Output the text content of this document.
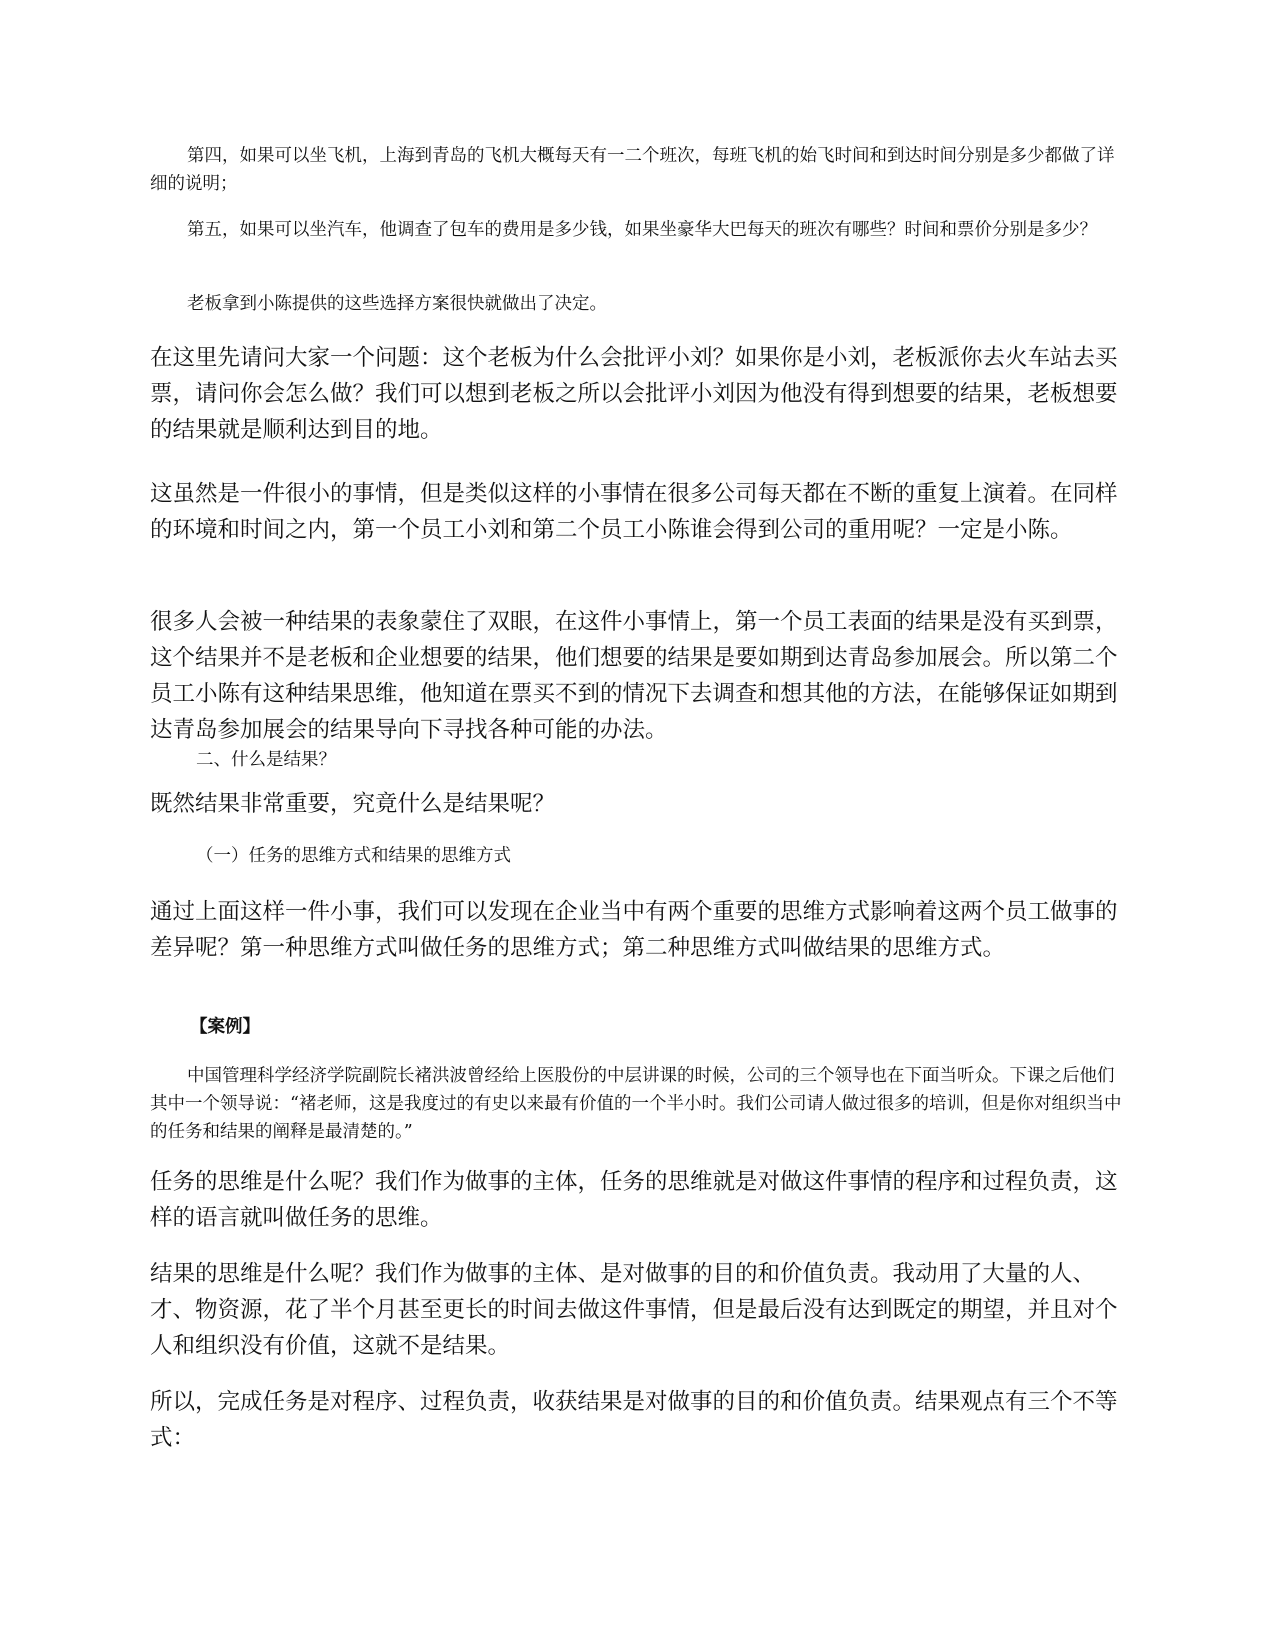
第四，如果可以坐飞机，上海到青岛的飞机大概每天有一二个班次，每班飞机的始飞时间和到达时间分别是多少都做了详细的说明；

第五，如果可以坐汽车，他调查了包车的费用是多少钱，如果坐豪华大巴每天的班次有哪些？时间和票价分别是多少？

老板拿到小陈提供的这些选择方案很快就做出了决定。

在这里先请问大家一个问题：这个老板为什么会批评小刘？如果你是小刘，老板派你去火车站去买票，请问你会怎么做？我们可以想到老板之所以会批评小刘因为他没有得到想要的结果，老板想要的结果就是顺利达到目的地。

这虽然是一件很小的事情，但是类似这样的小事情在很多公司每天都在不断的重复上演着。在同样的环境和时间之内，第一个员工小刘和第二个员工小陈谁会得到公司的重用呢？一定是小陈。

很多人会被一种结果的表象蒙住了双眼，在这件小事情上，第一个员工表面的结果是没有买到票，这个结果并不是老板和企业想要的结果，他们想要的结果是要如期到达青岛参加展会。所以第二个员工小陈有这种结果思维，他知道在票买不到的情况下去调查和想其他的方法，在能够保证如期到达青岛参加展会的结果导向下寻找各种可能的办法。

二、什么是结果？

既然结果非常重要，究竟什么是结果呢？

（一）任务的思维方式和结果的思维方式

通过上面这样一件小事，我们可以发现在企业当中有两个重要的思维方式影响着这两个员工做事的差异呢？第一种思维方式叫做任务的思维方式；第二种思维方式叫做结果的思维方式。

【案例】

中国管理科学经济学院副院长褚洪波曾经给上医股份的中层讲课的时候，公司的三个领导也在下面当听众。下课之后他们其中一个领导说：“褚老师，这是我度过的有史以来最有价值的一个半小时。我们公司请人做过很多的培训，但是你对组织当中的任务和结果的阐释是最清楚的。”

任务的思维是什么呢？我们作为做事的主体，任务的思维就是对做这件事情的程序和过程负责，这样的语言就叫做任务的思维。

结果的思维是什么呢？我们作为做事的主体、是对做事的目的和价值负责。我动用了大量的人、才、物资源，花了半个月甚至更长的时间去做这件事情，但是最后没有达到既定的期望，并且对个人和组织没有价值，这就不是结果。

所以，完成任务是对程序、过程负责，收获结果是对做事的目的和价值负责。结果观点有三个不等式：
